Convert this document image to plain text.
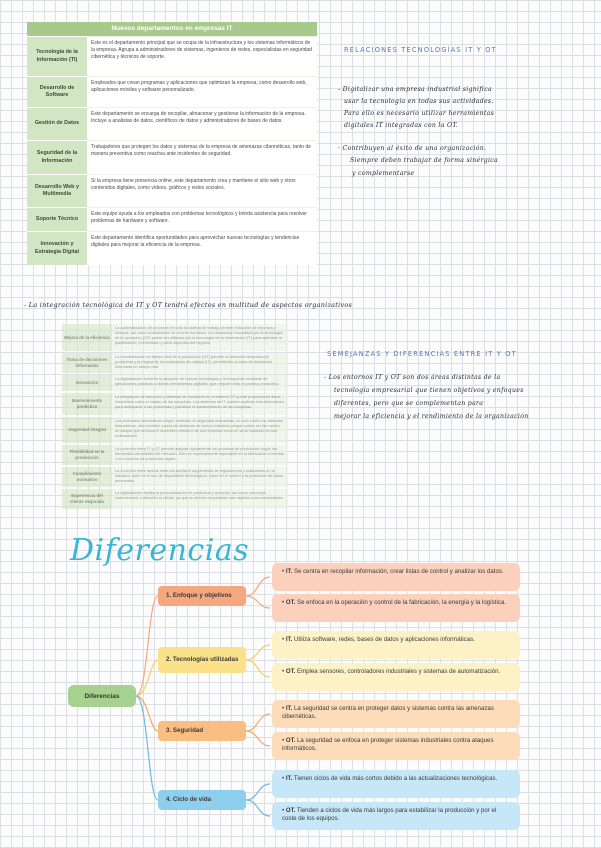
Nuevos departamentos en empresas IT
Tecnología de la Información (TI)
Este es el departamento principal que se ocupa de la infraestructura y los sistemas informáticos de la empresa. Agrupa a administradores de sistemas, ingenieros de redes, especialistas en seguridad cibernética y técnicos de soporte.
Desarrollo de Software
Empleados que crean programas y aplicaciones que optimizan la empresa, como desarrollo web, aplicaciones móviles y software personalizado.
Gestión de Datos
Este departamento se encarga de recopilar, almacenar y gestionar la información de la empresa. Incluye a analistas de datos, científicos de datos y administradores de bases de datos.
Seguridad de la Información
Trabajadores que protegen los datos y sistemas de la empresa de amenazas cibernéticas, tanto de manera preventiva como reactiva ante incidentes de seguridad.
Desarrollo Web y Multimedia
Si la empresa tiene presencia online, este departamento crea y mantiene el sitio web y otros contenidos digitales, como vídeos, gráficos y redes sociales.
Soporte Técnico
Este equipo ayuda a los empleados con problemas tecnológicos y brinda asistencia para resolver problemas de hardware y software.
Innovación y Estrategia Digital
Este departamento identifica oportunidades para aprovechar nuevas tecnologías y tendencias digitales para mejorar la eficiencia de la empresa.
RELACIONES TECNOLOGÍAS IT Y OT
- Digitalizar una empresa industrial significa
usar la tecnología en todas sus actividades.
Para ello es necesario utilizar herramientas
digitales IT integradas con la OT.
· Contribuyen al éxito de una organización.
Siempre deben trabajar de forma sinérgica
y complementarse
- La integración tecnológica de IT y OT tendrá efectos en multitud de aspectos organizativos
Mejora de la eficiencia
La automatización de procesos en toda la cadena de trabajo permite reducción de recursos y tiempos, así como minimización de errores humanos. La información recopilada por la tecnología de la operación (OT) puede ser utilizada por la tecnología de la información (IT) para optimizar la planificación, el inventario y otros aspectos del negocio.
Toma de decisiones informadas
La monitorización en tiempo real de la producción (OT) permite la detección temprana de problemas y la mejora de los estándares de calidad (IT), permitiendo la toma de decisiones informada en tiempo real.
Innovación
La digitalización fomenta la adopción de nuevas tecnologías y la búsqueda constante de aplicaciones prácticas a dichas herramientas digitales, que mejoren todo el proceso productivo.
Mantenimiento predictivo
La integración de sensores y sistemas de monitoreo en el entorno OT puede proporcionar datos inmediatos sobre el estado de las máquinas. Los sistemas de IT pueden analizar esta información para anticiparse a los problemas y planificar el mantenimiento de las máquinas.
Seguridad integral
Las amenazas cibernéticas exigen medidas de seguridad avanzadas, no solo contra los sistemas informáticos, sino también contra los sistemas de control industrial porque puede ser fan nocivo un ataque que reduzca el suministro eléctrico de una empresa como un virus instalado en sus ordenadores.
Flexibilidad en la producción
La conexión entre IT y OT permite adaptar rápidamente los procesos de producción según las demandas cambiantes del mercado. Esto es especialmente importante en la fabricación a medida o en entornos de producción ágiles.
Cumplimiento normativo
La conexión entre ambos entornos facilita el seguimiento de regulaciones y estándares en la industria, tanto en el uso de dispositivos tecnológicos, como en el control y la protección de datos personales.
Experiencia del cliente mejorada
La digitalización facilita la personalización de productos y servicios, así como una mejor comunicación y atención al cliente, ya que se ofrecen respuestas más rápidas a sus necesidades.
SEMEJANZAS Y DIFERENCIAS ENTRE IT Y OT
- Los entornos IT y OT son dos áreas distintas de la
tecnología empresarial que tienen objetivos y enfoques
diferentes, pero que se complementan para
mejorar la eficiencia y el rendimiento de la organización
Diferencias
Diferencias
1. Enfoque y objetivos
• IT. Se centra en recopilar información, crear listas de control y analizar los datos.
• OT. Se enfoca en la operación y control de la fabricación, la energía y la logística.
2. Tecnologías utilizadas
• IT. Utiliza software, redes, bases de datos y aplicaciones informáticas.
• OT. Emplea sensores, controladores industriales y sistemas de automatización.
3. Seguridad
• IT. La seguridad se centra en proteger datos y sistemas contra las amenazas cibernéticas.
• OT. La seguridad se enfoca en proteger sistemas industriales contra ataques informáticos.
4. Ciclo de vida
• IT. Tienen ciclos de vida más cortos debido a las actualizaciones tecnológicas.
• OT. Tienden a ciclos de vida más largos para estabilizar la producción y por el coste de los equipos.
